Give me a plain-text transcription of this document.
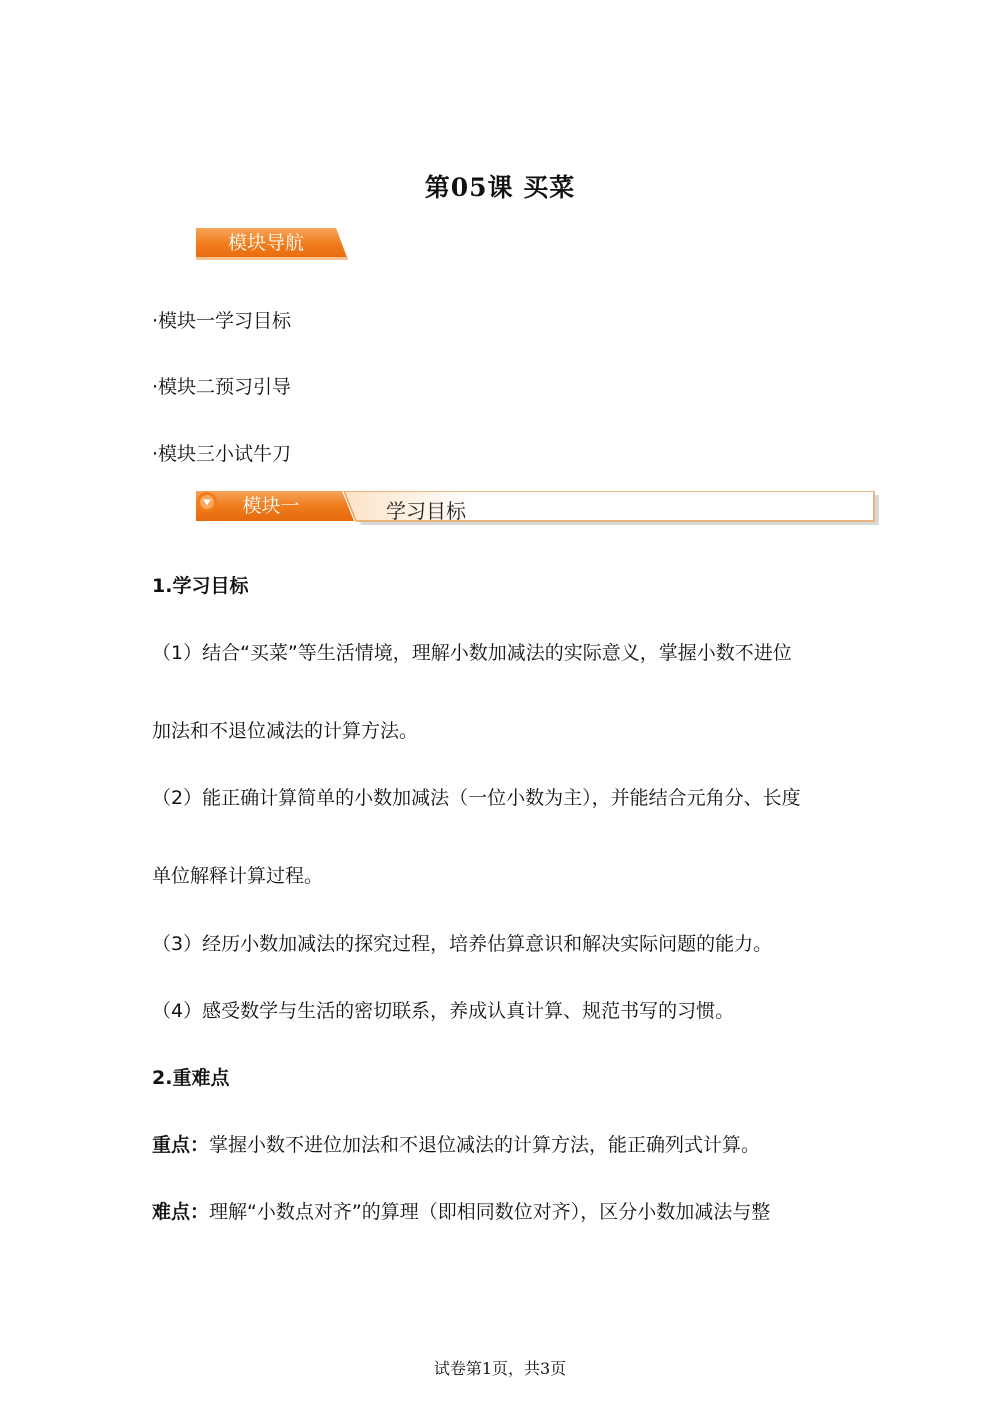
第05课 买菜
模块导航
·模块一学习目标
·模块二预习引导
·模块三小试牛刀
模块一	学习目标
1.学习目标
（1）结合“买菜”等生活情境，理解小数加减法的实际意义，掌握小数不进位
加法和不退位减法的计算方法。
（2）能正确计算简单的小数加减法（一位小数为主），并能结合元角分、长度
单位解释计算过程。
（3）经历小数加减法的探究过程，培养估算意识和解决实际问题的能力。
（4）感受数学与生活的密切联系，养成认真计算、规范书写的习惯。
2.重难点
重点：掌握小数不进位加法和不退位减法的计算方法，能正确列式计算。
难点：理解“小数点对齐”的算理（即相同数位对齐），区分小数加减法与整
试卷第1页，共3页
